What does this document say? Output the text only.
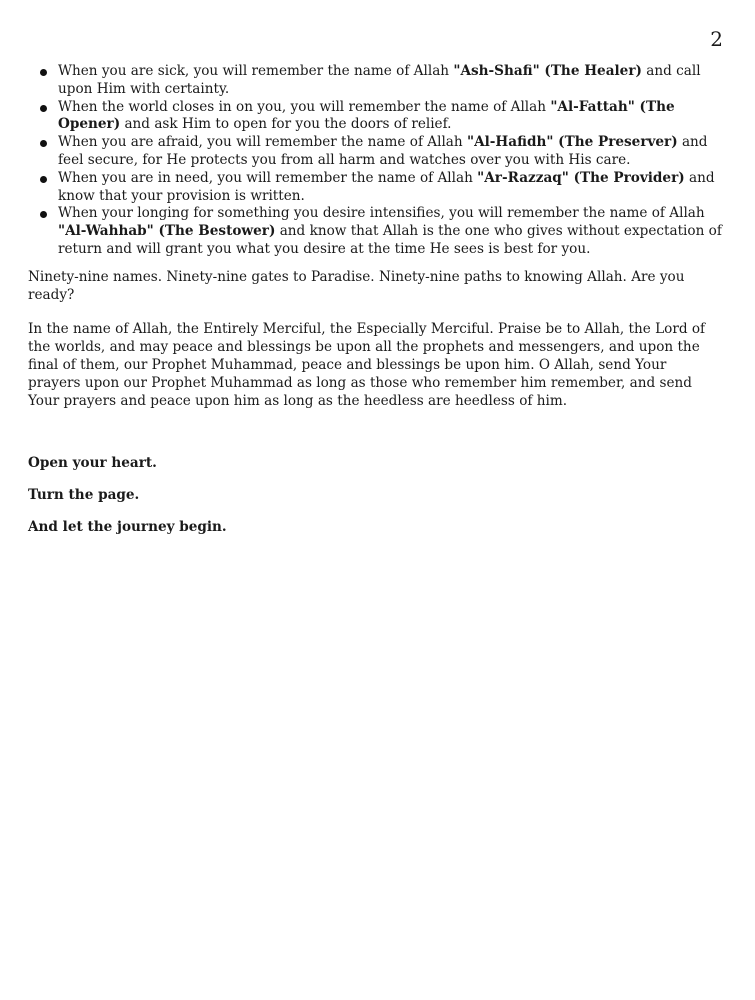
2
When you are sick, you will remember the name of Allah "Ash-Shafi" (The Healer) and call upon Him with certainty.
When the world closes in on you, you will remember the name of Allah "Al-Fattah" (The Opener) and ask Him to open for you the doors of relief.
When you are afraid, you will remember the name of Allah "Al-Hafidh" (The Preserver) and feel secure, for He protects you from all harm and watches over you with His care.
When you are in need, you will remember the name of Allah "Ar-Razzaq" (The Provider) and know that your provision is written.
When your longing for something you desire intensifies, you will remember the name of Allah "Al-Wahhab" (The Bestower) and know that Allah is the one who gives without expectation of return and will grant you what you desire at the time He sees is best for you.

Ninety-nine names. Ninety-nine gates to Paradise. Ninety-nine paths to knowing Allah. Are you ready?

In the name of Allah, the Entirely Merciful, the Especially Merciful. Praise be to Allah, the Lord of the worlds, and may peace and blessings be upon all the prophets and messengers, and upon the final of them, our Prophet Muhammad, peace and blessings be upon him. O Allah, send Your prayers upon our Prophet Muhammad as long as those who remember him remember, and send Your prayers and peace upon him as long as the heedless are heedless of him.

Open your heart.

Turn the page.

And let the journey begin.
